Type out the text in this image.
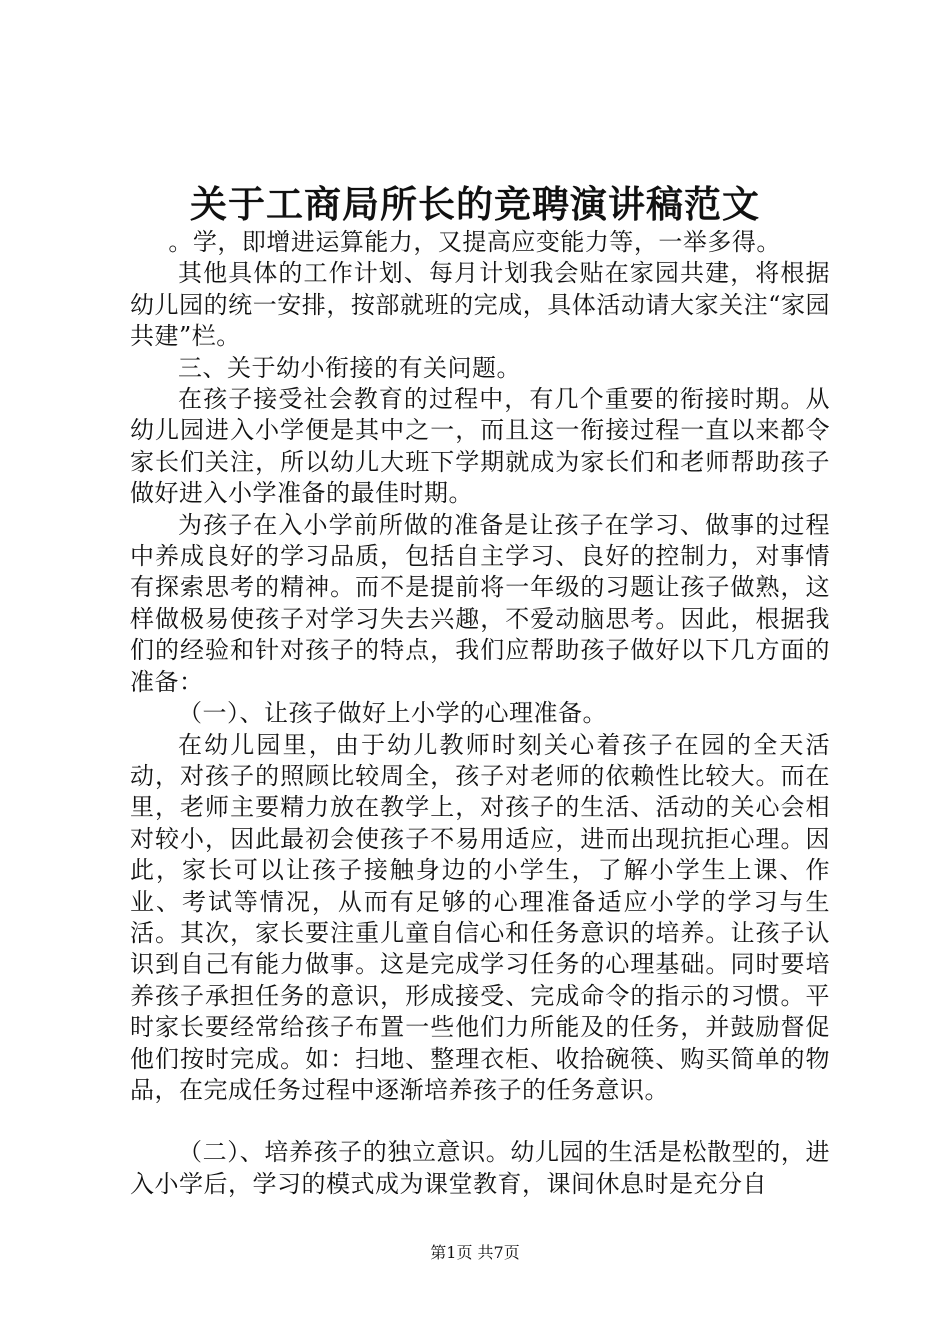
关于工商局所长的竞聘演讲稿范文

。学，即增进运算能力，又提高应变能力等，一举多得。

其他具体的工作计划、每月计划我会贴在家园共建，将根据幼儿园的统一安排，按部就班的完成，具体活动请大家关注“家园共建”栏。

三、关于幼小衔接的有关问题。

在孩子接受社会教育的过程中，有几个重要的衔接时期。从幼儿园进入小学便是其中之一，而且这一衔接过程一直以来都令家长们关注，所以幼儿大班下学期就成为家长们和老师帮助孩子做好进入小学准备的最佳时期。

为孩子在入小学前所做的准备是让孩子在学习、做事的过程中养成良好的学习品质，包括自主学习、良好的控制力，对事情有探索思考的精神。而不是提前将一年级的习题让孩子做熟，这样做极易使孩子对学习失去兴趣，不爱动脑思考。因此，根据我们的经验和针对孩子的特点，我们应帮助孩子做好以下几方面的准备：

（一）、让孩子做好上小学的心理准备。

在幼儿园里，由于幼儿教师时刻关心着孩子在园的全天活动，对孩子的照顾比较周全，孩子对老师的依赖性比较大。而在里，老师主要精力放在教学上，对孩子的生活、活动的关心会相对较小，因此最初会使孩子不易用适应，进而出现抗拒心理。因此，家长可以让孩子接触身边的小学生，了解小学生上课、作业、考试等情况，从而有足够的心理准备适应小学的学习与生活。其次，家长要注重儿童自信心和任务意识的培养。让孩子认识到自己有能力做事。这是完成学习任务的心理基础。同时要培养孩子承担任务的意识，形成接受、完成命令的指示的习惯。平时家长要经常给孩子布置一些他们力所能及的任务，并鼓励督促他们按时完成。如：扫地、整理衣柜、收拾碗筷、购买简单的物品，在完成任务过程中逐渐培养孩子的任务意识。

（二）、培养孩子的独立意识。幼儿园的生活是松散型的，进入小学后，学习的模式成为课堂教育，课间休息时是充分自

第1页 共7页
